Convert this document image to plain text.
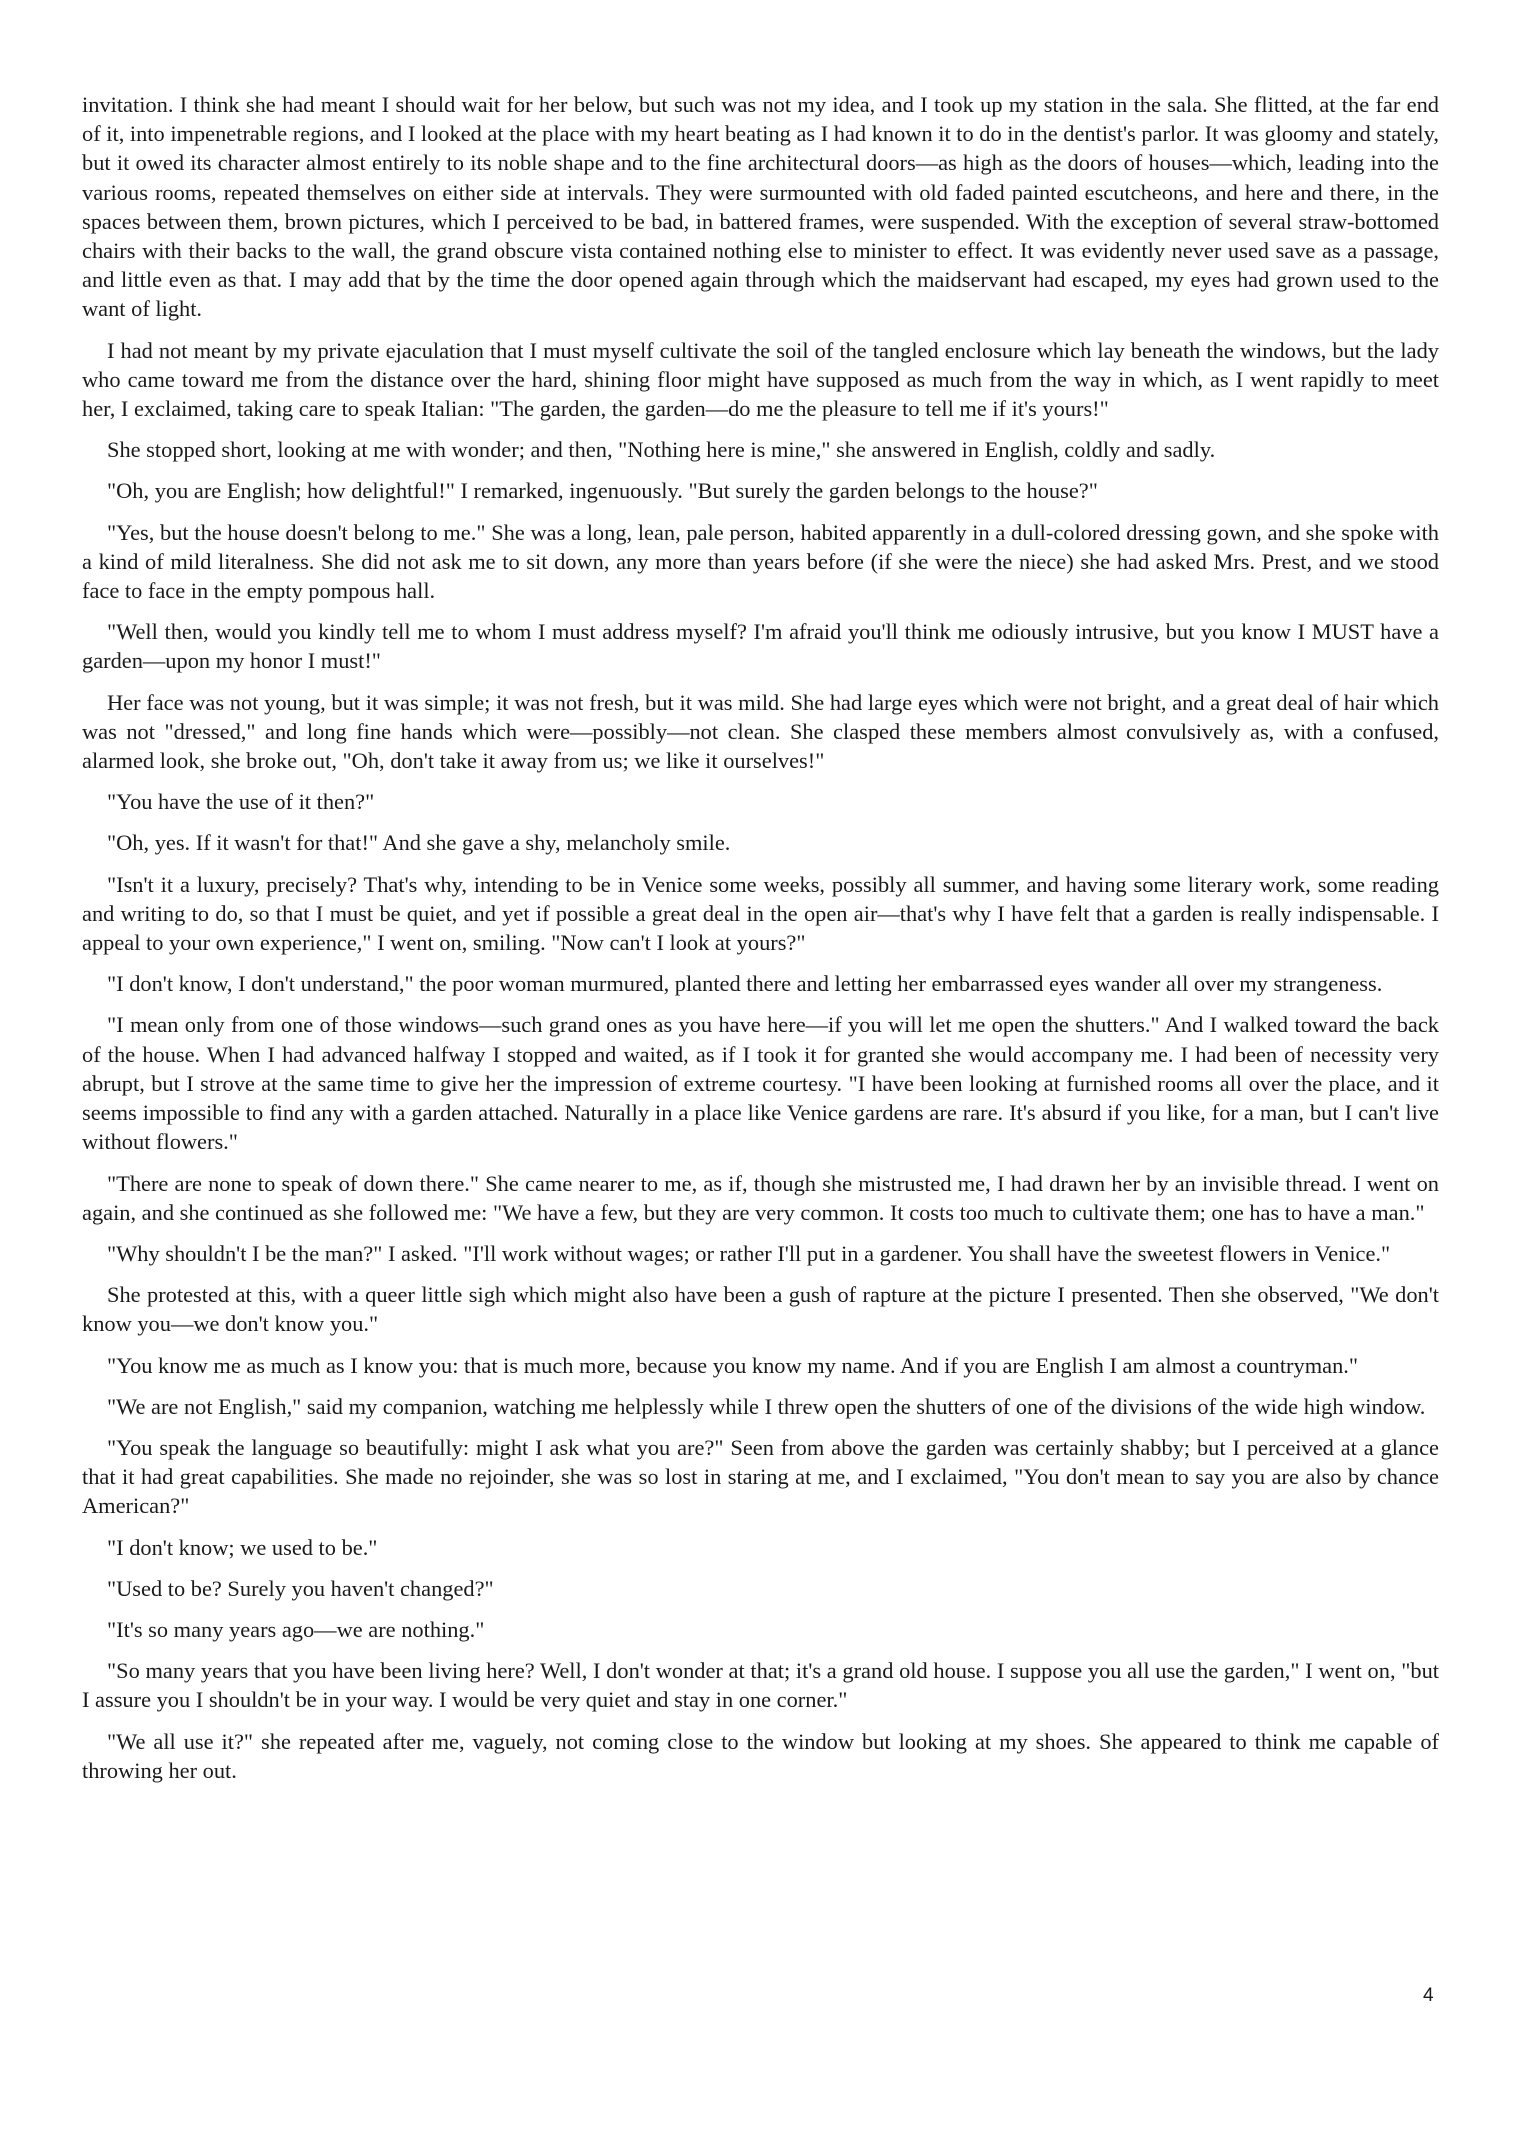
invitation. I think she had meant I should wait for her below, but such was not my idea, and I took up my station in the sala. She flitted, at the far end of it, into impenetrable regions, and I looked at the place with my heart beating as I had known it to do in the dentist's parlor. It was gloomy and stately, but it owed its character almost entirely to its noble shape and to the fine architectural doors—as high as the doors of houses—which, leading into the various rooms, repeated themselves on either side at intervals. They were surmounted with old faded painted escutcheons, and here and there, in the spaces between them, brown pictures, which I perceived to be bad, in battered frames, were suspended. With the exception of several straw-bottomed chairs with their backs to the wall, the grand obscure vista contained nothing else to minister to effect. It was evidently never used save as a passage, and little even as that. I may add that by the time the door opened again through which the maidservant had escaped, my eyes had grown used to the want of light.

I had not meant by my private ejaculation that I must myself cultivate the soil of the tangled enclosure which lay beneath the windows, but the lady who came toward me from the distance over the hard, shining floor might have supposed as much from the way in which, as I went rapidly to meet her, I exclaimed, taking care to speak Italian: "The garden, the garden—do me the pleasure to tell me if it's yours!"

She stopped short, looking at me with wonder; and then, "Nothing here is mine," she answered in English, coldly and sadly.

"Oh, you are English; how delightful!" I remarked, ingenuously. "But surely the garden belongs to the house?"

"Yes, but the house doesn't belong to me." She was a long, lean, pale person, habited apparently in a dull-colored dressing gown, and she spoke with a kind of mild literalness. She did not ask me to sit down, any more than years before (if she were the niece) she had asked Mrs. Prest, and we stood face to face in the empty pompous hall.

"Well then, would you kindly tell me to whom I must address myself? I'm afraid you'll think me odiously intrusive, but you know I MUST have a garden—upon my honor I must!"

Her face was not young, but it was simple; it was not fresh, but it was mild. She had large eyes which were not bright, and a great deal of hair which was not "dressed," and long fine hands which were—possibly—not clean. She clasped these members almost convulsively as, with a confused, alarmed look, she broke out, "Oh, don't take it away from us; we like it ourselves!"

"You have the use of it then?"

"Oh, yes. If it wasn't for that!" And she gave a shy, melancholy smile.

"Isn't it a luxury, precisely? That's why, intending to be in Venice some weeks, possibly all summer, and having some literary work, some reading and writing to do, so that I must be quiet, and yet if possible a great deal in the open air—that's why I have felt that a garden is really indispensable. I appeal to your own experience," I went on, smiling. "Now can't I look at yours?"

"I don't know, I don't understand," the poor woman murmured, planted there and letting her embarrassed eyes wander all over my strangeness.

"I mean only from one of those windows—such grand ones as you have here—if you will let me open the shutters." And I walked toward the back of the house. When I had advanced halfway I stopped and waited, as if I took it for granted she would accompany me. I had been of necessity very abrupt, but I strove at the same time to give her the impression of extreme courtesy. "I have been looking at furnished rooms all over the place, and it seems impossible to find any with a garden attached. Naturally in a place like Venice gardens are rare. It's absurd if you like, for a man, but I can't live without flowers."

"There are none to speak of down there." She came nearer to me, as if, though she mistrusted me, I had drawn her by an invisible thread. I went on again, and she continued as she followed me: "We have a few, but they are very common. It costs too much to cultivate them; one has to have a man."

"Why shouldn't I be the man?" I asked. "I'll work without wages; or rather I'll put in a gardener. You shall have the sweetest flowers in Venice."

She protested at this, with a queer little sigh which might also have been a gush of rapture at the picture I presented. Then she observed, "We don't know you—we don't know you."

"You know me as much as I know you: that is much more, because you know my name. And if you are English I am almost a countryman."

"We are not English," said my companion, watching me helplessly while I threw open the shutters of one of the divisions of the wide high window.

"You speak the language so beautifully: might I ask what you are?" Seen from above the garden was certainly shabby; but I perceived at a glance that it had great capabilities. She made no rejoinder, she was so lost in staring at me, and I exclaimed, "You don't mean to say you are also by chance American?"

"I don't know; we used to be."

"Used to be? Surely you haven't changed?"

"It's so many years ago—we are nothing."

"So many years that you have been living here? Well, I don't wonder at that; it's a grand old house. I suppose you all use the garden," I went on, "but I assure you I shouldn't be in your way. I would be very quiet and stay in one corner."

"We all use it?" she repeated after me, vaguely, not coming close to the window but looking at my shoes. She appeared to think me capable of throwing her out.

4
